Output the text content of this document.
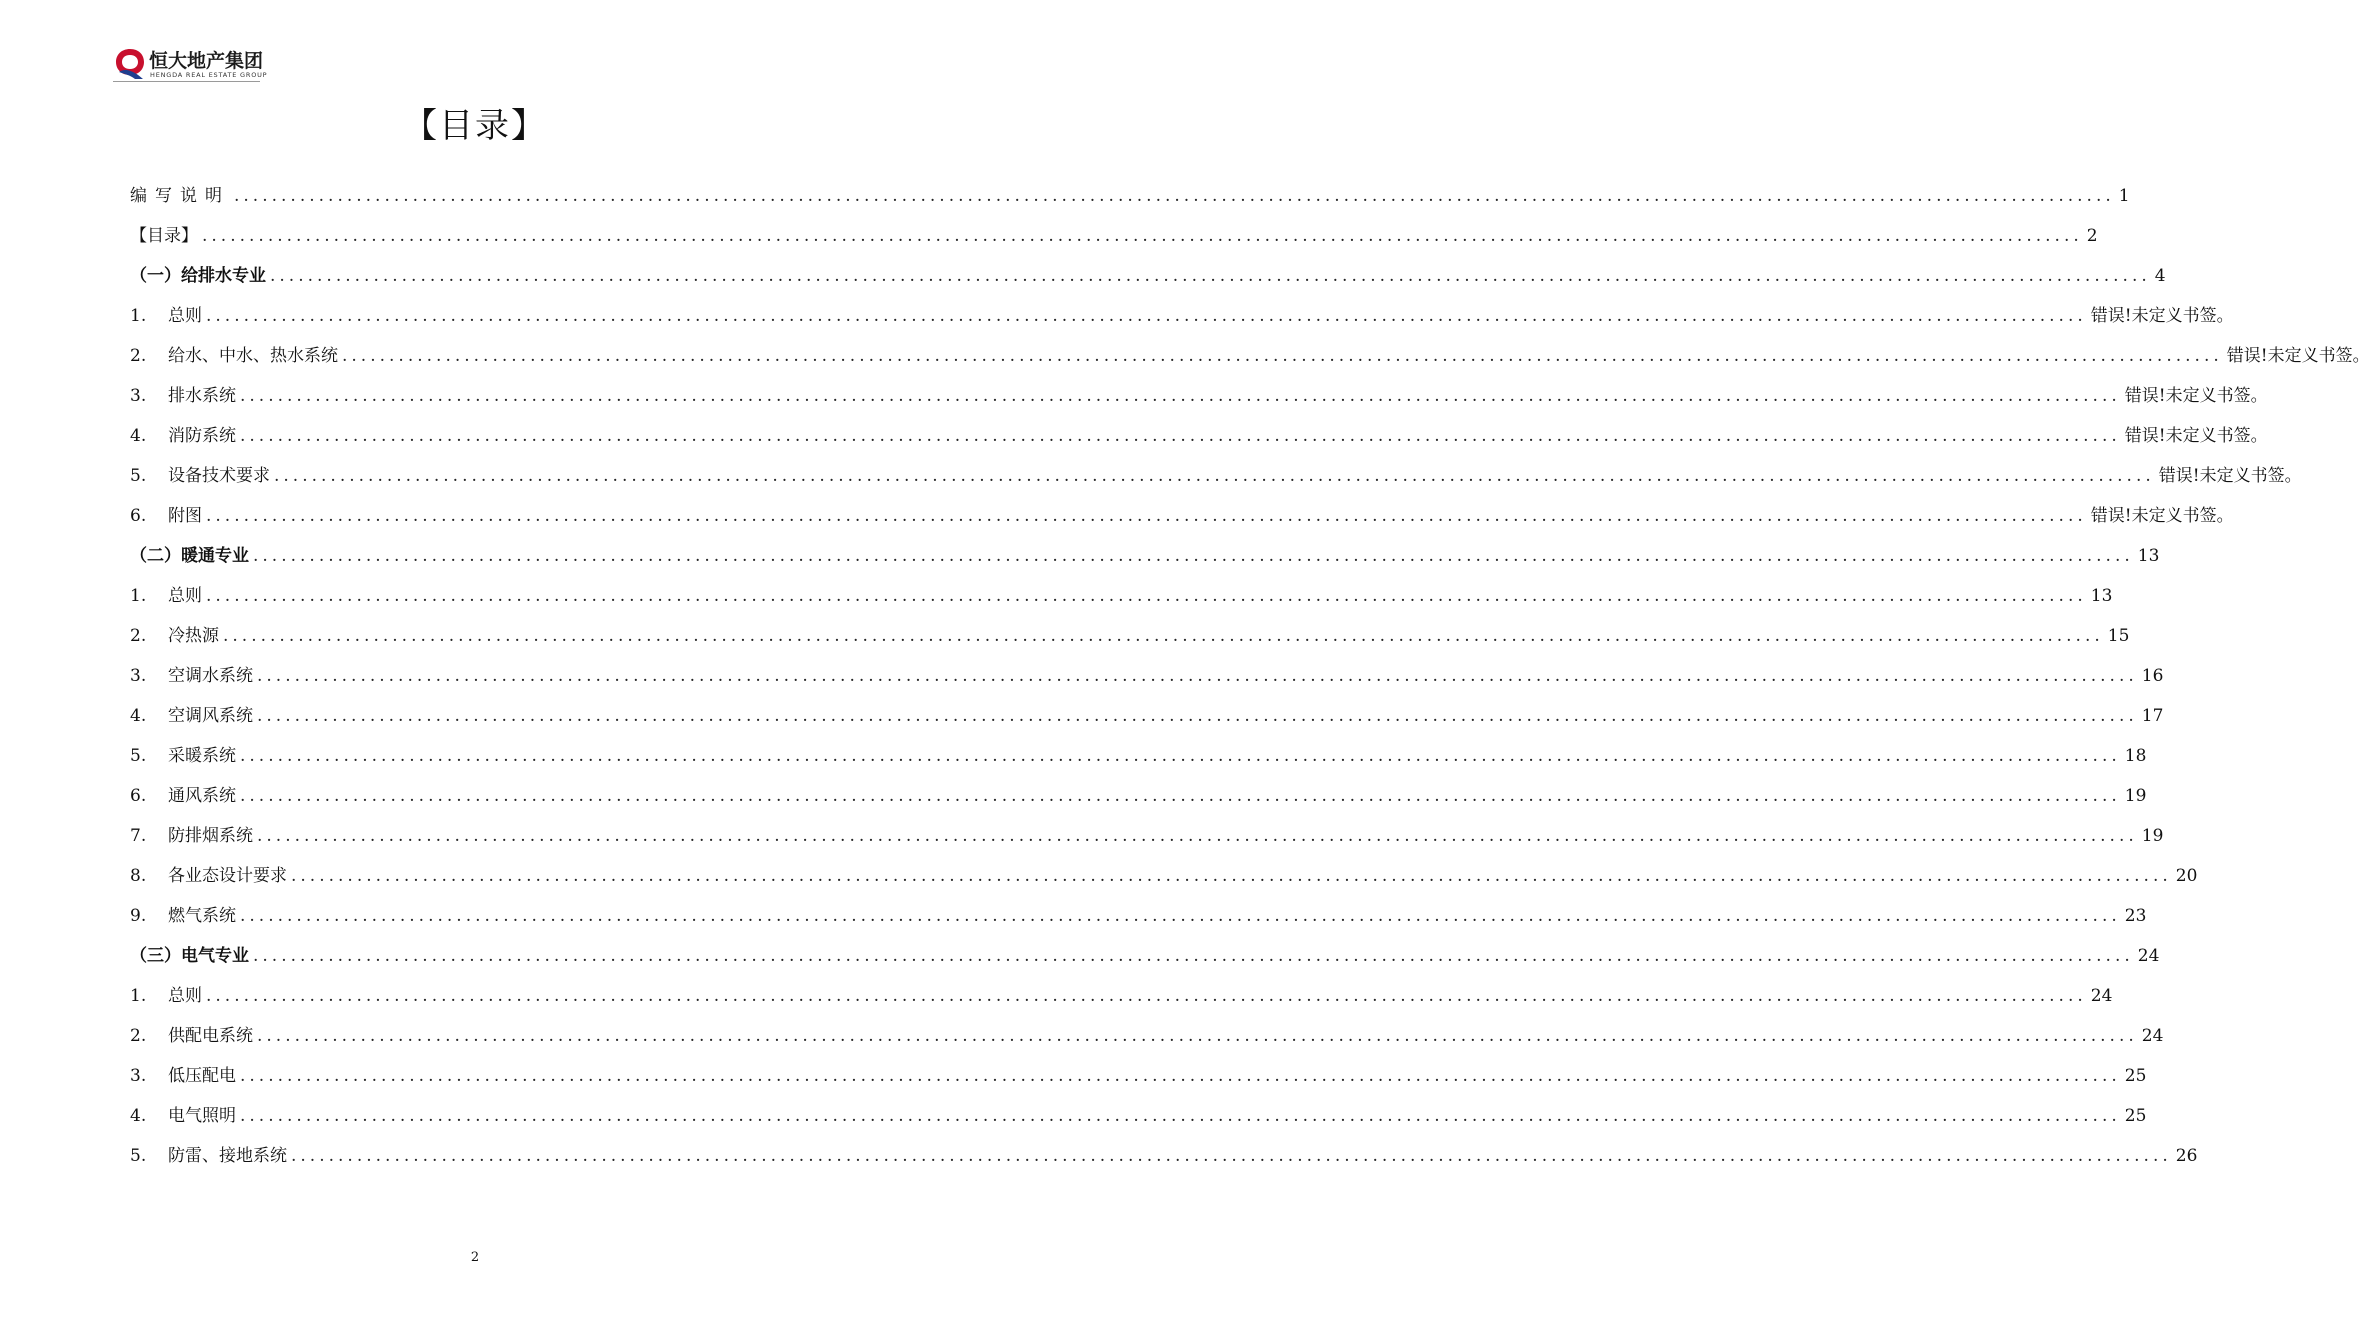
恒大地产集团
HENGDA REAL ESTATE GROUP
【目录】
编写说明 ........................................................................................................................................................................................................ 1
【目录】 ........................................................................................................................................................................................................ 2
（一）给排水专业 ........................................................................................................................................................................................................ 4
1.	总则 ........................................................................................................................................................................................................ 错误!未定义书签。
2.	给水、中水、热水系统 ........................................................................................................................................................................................................ 错误!未定义书签。
3.	排水系统 ........................................................................................................................................................................................................ 错误!未定义书签。
4.	消防系统 ........................................................................................................................................................................................................ 错误!未定义书签。
5.	设备技术要求 ........................................................................................................................................................................................................ 错误!未定义书签。
6.	附图 ........................................................................................................................................................................................................ 错误!未定义书签。
（二）暖通专业 ........................................................................................................................................................................................................ 13
1.	总则 ........................................................................................................................................................................................................ 13
2.	冷热源 ........................................................................................................................................................................................................ 15
3.	空调水系统 ........................................................................................................................................................................................................ 16
4.	空调风系统 ........................................................................................................................................................................................................ 17
5.	采暖系统 ........................................................................................................................................................................................................ 18
6.	通风系统 ........................................................................................................................................................................................................ 19
7.	防排烟系统 ........................................................................................................................................................................................................ 19
8.	各业态设计要求 ........................................................................................................................................................................................................ 20
9.	燃气系统 ........................................................................................................................................................................................................ 23
（三）电气专业 ........................................................................................................................................................................................................ 24
1.	总则 ........................................................................................................................................................................................................ 24
2.	供配电系统 ........................................................................................................................................................................................................ 24
3.	低压配电 ........................................................................................................................................................................................................ 25
4.	电气照明 ........................................................................................................................................................................................................ 25
5.	防雷、接地系统 ........................................................................................................................................................................................................ 26
2
